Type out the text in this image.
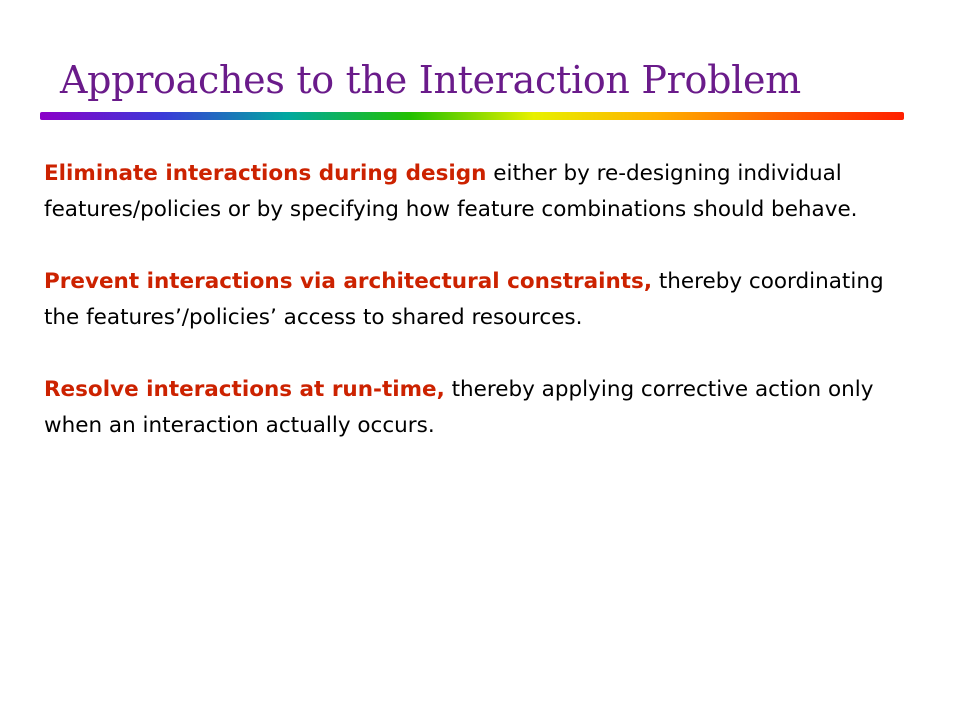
Approaches to the Interaction Problem

Eliminate interactions during design either by re-designing individual features/policies or by specifying how feature combinations should behave.

Prevent interactions via architectural constraints, thereby coordinating the features’/policies’ access to shared resources.

Resolve interactions at run-time, thereby applying corrective action only when an interaction actually occurs.
